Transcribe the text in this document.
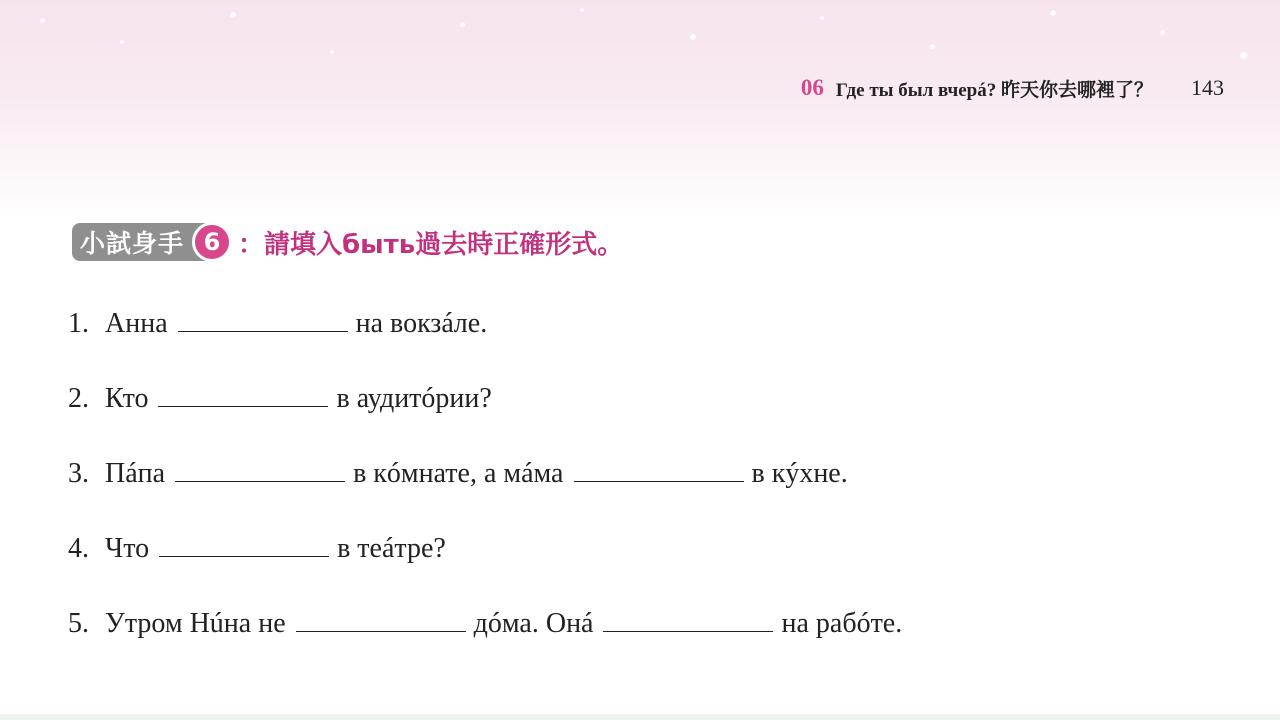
06 Где ты был вчерá? 昨天你去哪裡了？ 143
小試身手 6 ：請填入быть過去時正確形式。
1. Анна	на вокзáле.
2. Кто	в аудитóрии?
3. Пáпа	в кóмнате, а мáма	в кýхне.
4. Что	в теáтре?
5. Утром Нúна не	дóма. Онá	на рабóте.
